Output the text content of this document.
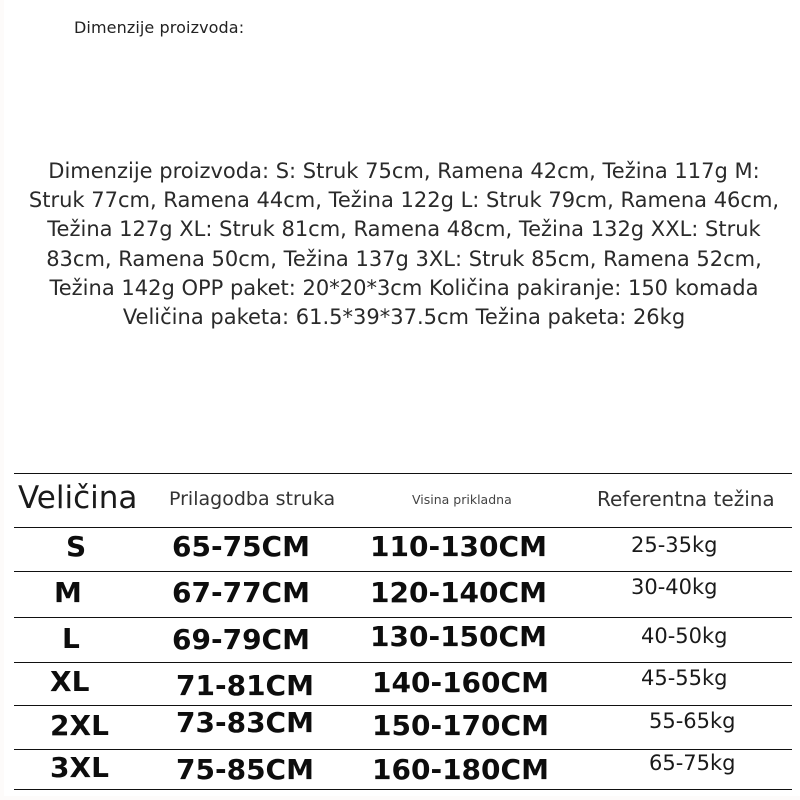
Dimenzije proizvoda:
Dimenzije proizvoda: S: Struk 75cm, Ramena 42cm, Težina 117g M: Struk 77cm, Ramena 44cm, Težina 122g L: Struk 79cm, Ramena 46cm, Težina 127g XL: Struk 81cm, Ramena 48cm, Težina 132g XXL: Struk 83cm, Ramena 50cm, Težina 137g 3XL: Struk 85cm, Ramena 52cm, Težina 142g OPP paket: 20*20*3cm Količina pakiranje: 150 komada Veličina paketa: 61.5*39*37.5cm Težina paketa: 26kg
Veličina Prilagodba struka	Visina prikladna	Referentna težina
S	65-75CM 110-130CM	25-35kg
M	67-77CM 120-140CM	30-40kg
L	69-79CM 130-150CM	40-50kg
XL	71-81CM 140-160CM	45-55kg
2XL 73-83CM 150-170CM	55-65kg
3XL 75-85CM 160-180CM	65-75kg
